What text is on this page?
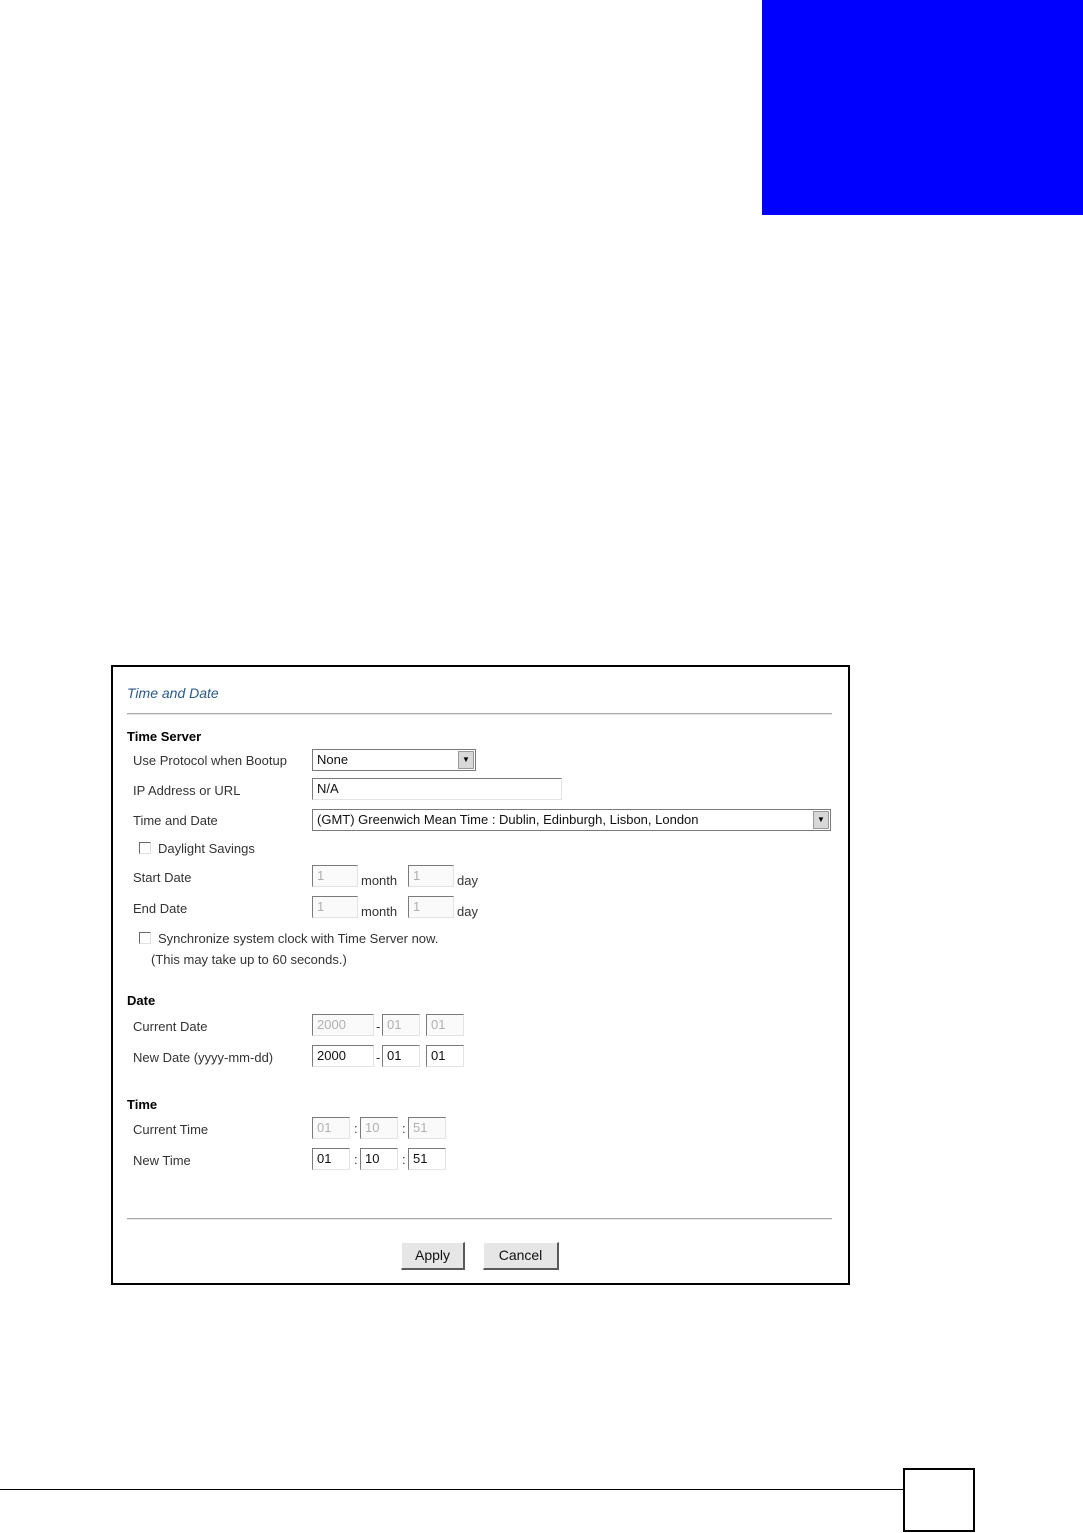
Time and Date
Time Server
Use Protocol when Bootup	None	▼
IP Address or URL	N/A
Time and Date	(GMT) Greenwich Mean Time : Dublin, Edinburgh, Lisbon, London	▼
Daylight Savings
Start Date	1	month	1	day
End Date	1	month	1	day
Synchronize system clock with Time Server now.
(This may take up to 60 seconds.)
Date
Current Date	2000	- 01	01
New Date (yyyy-mm-dd)	2000	- 01	01
Time
Current Time	01	: 10	: 51
New Time	01	: 10	: 51
Apply	Cancel
